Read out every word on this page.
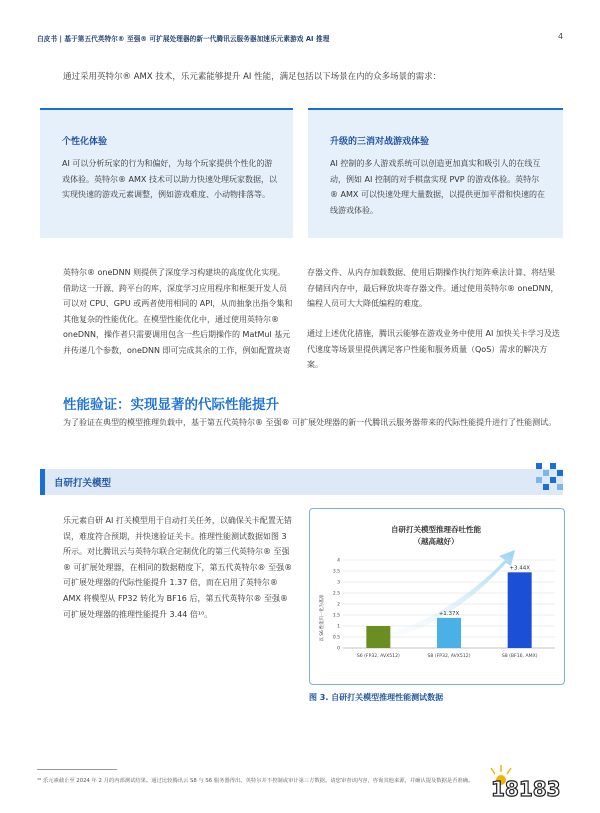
白皮书 | 基于第五代英特尔® 至强® 可扩展处理器的新一代腾讯云服务器加速乐元素游戏 AI 推理	4
通过采用英特尔® AMX 技术，乐元素能够提升 AI 性能，满足包括以下场景在内的众多场景的需求：
个性化体验

AI 可以分析玩家的行为和偏好，为每个玩家提供个性化的游戏体验。英特尔® AMX 技术可以助力快速处理玩家数据，以实现快速的游戏元素调整，例如游戏难度、小动物排落等。

升级的三消对战游戏体验

AI 控制的多人游戏系统可以创造更加真实和吸引人的在线互动，例如 AI 控制的对手棋盘实现 PVP 的游戏体验。英特尔® AMX 可以快速处理大量数据，以提供更加平滑和快速的在线游戏体验。

英特尔® oneDNN 则提供了深度学习构建块的高度优化实现。借助这一开源、跨平台的库，深度学习应用程序和框架开发人员可以对 CPU、GPU 或两者使用相同的 API，从而抽象出指令集和其他复杂的性能优化。在模型性能优化中，通过使用英特尔® oneDNN，操作者只需要调用包含一些后期操作的 MatMul 基元并传递几个参数，oneDNN 即可完成其余的工作，例如配置块寄

存器文件、从内存加载数据、使用后期操作执行矩阵乘法计算、将结果存储回内存中，最后释放块寄存器文件。通过使用英特尔® oneDNN，编程人员可大大降低编程的难度。

通过上述优化措施，腾讯云能够在游戏业务中使用 AI 加快关卡学习及迭代速度等场景里提供满足客户性能和服务质量（QoS）需求的解决方案。

性能验证：实现显著的代际性能提升
为了验证在典型的模型推理负载中，基于第五代英特尔® 至强® 可扩展处理器的新一代腾讯云服务器带来的代际性能提升进行了性能测试。
自研打关模型

乐元素自研 AI 打关模型用于自动打关任务，以确保关卡配置无错误，难度符合预期，并快速验证关卡。推理性能测试数据如图 3 所示。对比腾讯云与英特尔联合定制优化的第三代英特尔® 至强® 可扩展处理器，在相同的数据精度下，第五代英特尔® 至强® 可扩展处理器的代际性能提升 1.37 倍，而在启用了英特尔® AMX 将模型从 FP32 转化为 BF16 后，第五代英特尔® 至强® 可扩展处理器的推理性能提升 3.44 倍¹⁰。

自研打关模型推理吞吐性能
（越高越好）
0
0.5
1
1.5
2
2.5
3
3.5
4
S6 (FP32, AVX512)	S8 (FP32, AVX512)
+1.37X
S8 (BF16, AMX)
+3.44X
以 S6 性能归一化为基准
图 3. 自研打关模型推理性能测试数据
¹⁰ 乐元素截止至 2024 年 2 月的内部测试结果。通过比较腾讯云 S8 与 S6 服务器得出。英特尔并不控制或审计第三方数据。请您审查该内容，咨询其他来源，并确认提及数据是否准确。 18183
